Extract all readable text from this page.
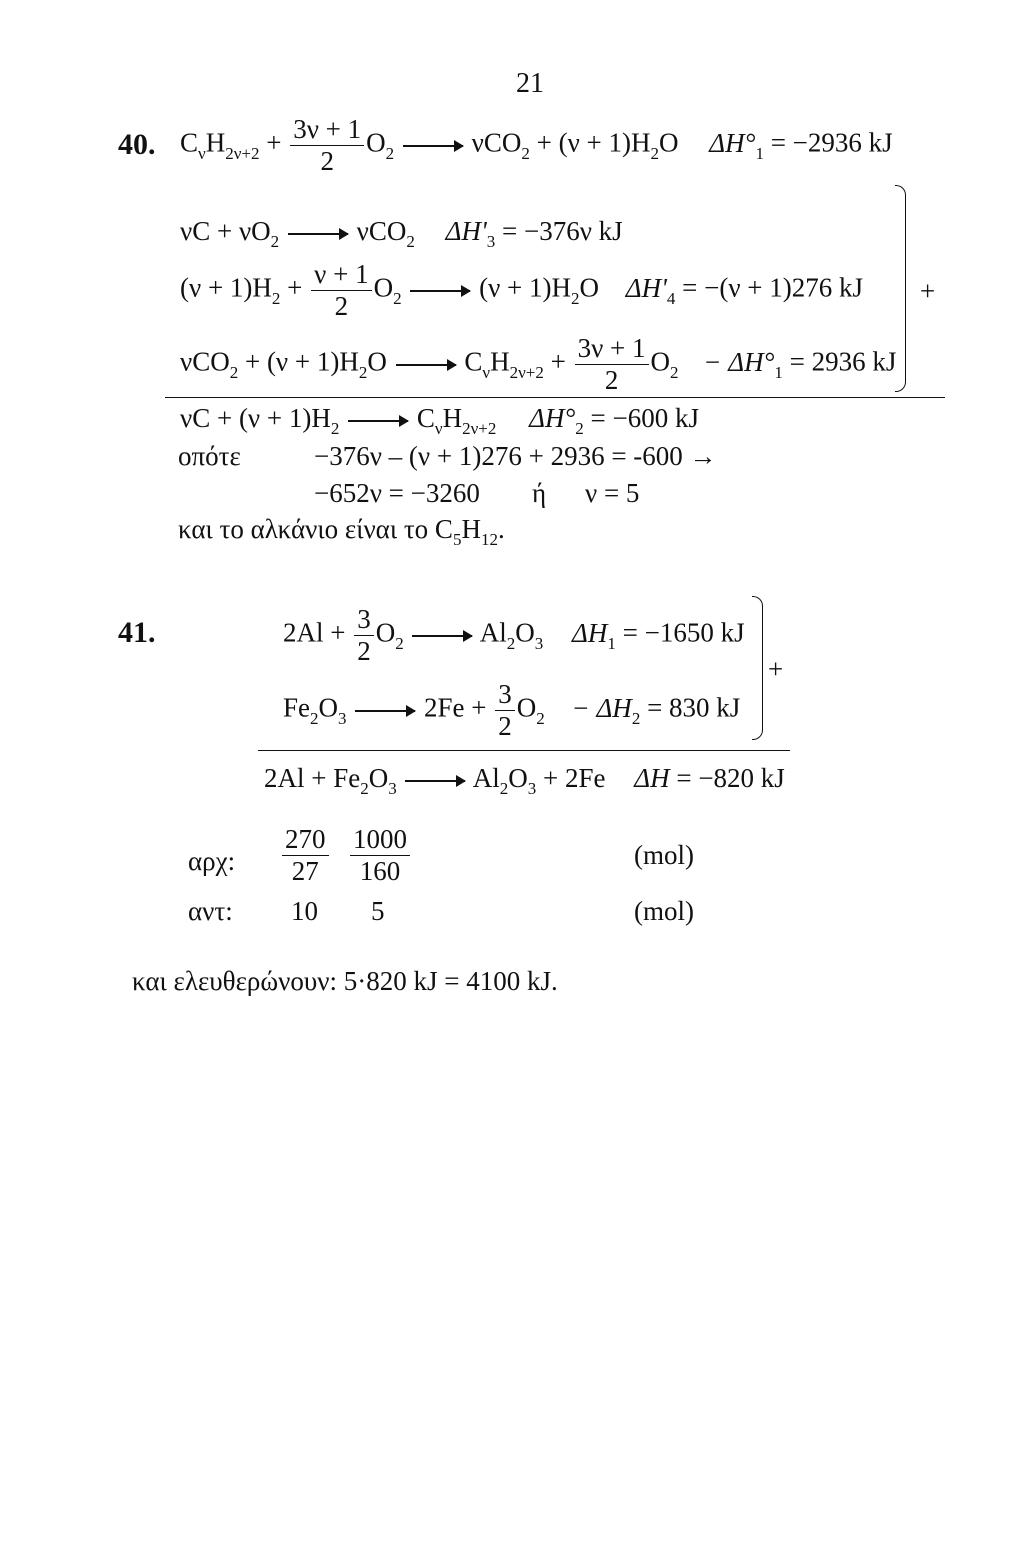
21
40. $C_\nu H_{2\nu+2} + \frac{3\nu + 1}{2} O_2 \to \nu CO_2 + (\nu + 1)H_2O$ $\Delta H^\circ_1 = -2936$ kJ
$\nu C + \nu O_2 \to \nu CO_2$ $\Delta H'_3 = -376\nu$ kJ
$(\nu + 1)H_2 + \frac{\nu + 1}{2} O_2 \to (\nu + 1)H_2O$ $\Delta H'_4 = -(\nu + 1)276$ kJ
$\nu CO_2 + (\nu + 1)H_2O \to C_\nu H_{2\nu+2} + \frac{3\nu + 1}{2} O_2 - \Delta H^\circ_1 = 2936$ kJ
+
$\nu C + (\nu + 1)H_2 \to C_\nu H_{2\nu+2}$ $\Delta H^\circ_2 = -600$ kJ
οπότε	−376ν – (ν + 1)276 + 2936 = -600 →
−652ν = −3260 ή ν = 5
και το αλκάνιο είναι το $C_5H_{12}$.
41.	$2Al + \frac{3}{2} O_2 \to Al_2O_3$ $\Delta H_1 = -1650$ kJ
$Fe_2O_3 \to 2Fe + \frac{3}{2} O_2 - \Delta H_2 = 830$ kJ
+
$2Al + Fe_2O_3 \to Al_2O_3 + 2Fe$ ΔH = −820 kJ
αρχ: $\frac{270}{27} \frac{1000}{160}$	(mol)
αντ: 10 5	(mol)
και ελευθερώνουν: 5·820 kJ = 4100 kJ.
